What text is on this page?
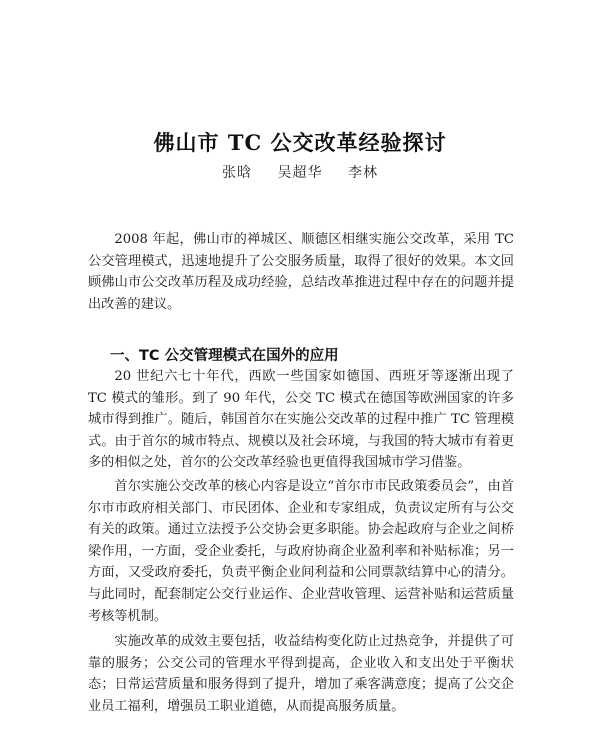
佛山市 TC 公交改革经验探讨
张晗 吴超华 李林

2008 年起，佛山市的禅城区、顺德区相继实施公交改革，采用 TC 公交管理模式，迅速地提升了公交服务质量，取得了很好的效果。本文回顾佛山市公交改革历程及成功经验，总结改革推进过程中存在的问题并提出改善的建议。

一、TC 公交管理模式在国外的应用

20 世纪六七十年代，西欧一些国家如德国、西班牙等逐渐出现了 TC 模式的雏形。到了 90 年代，公交 TC 模式在德国等欧洲国家的许多城市得到推广。随后，韩国首尔在实施公交改革的过程中推广 TC 管理模式。由于首尔的城市特点、规模以及社会环境，与我国的特大城市有着更多的相似之处，首尔的公交改革经验也更值得我国城市学习借鉴。

首尔实施公交改革的核心内容是设立“首尔市市民政策委员会”，由首尔市市政府相关部门、市民团体、企业和专家组成，负责议定所有与公交有关的政策。通过立法授予公交协会更多职能。协会起政府与企业之间桥梁作用，一方面，受企业委托，与政府协商企业盈利率和补贴标准；另一方面，又受政府委托，负责平衡企业间利益和公同票款结算中心的清分。与此同时，配套制定公交行业运作、企业营收管理、运营补贴和运营质量考核等机制。

实施改革的成效主要包括，收益结构变化防止过热竞争，并提供了可靠的服务；公交公司的管理水平得到提高，企业收入和支出处于平衡状态；日常运营质量和服务得到了提升，增加了乘客满意度；提高了公交企业员工福利，增强员工职业道德，从而提高服务质量。
